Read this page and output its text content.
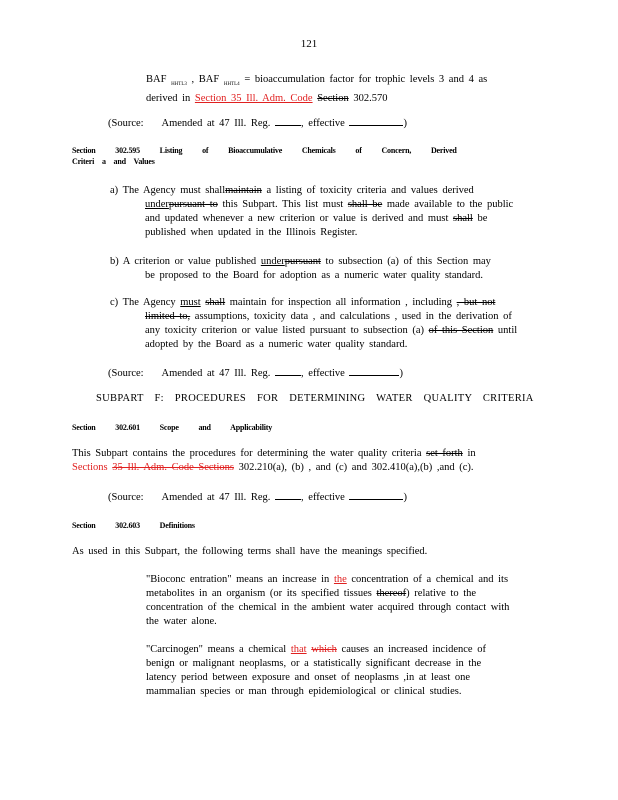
121
BAF $_{HHTL3}$ , BAF $_{HHTL4}$ = bioaccumulation factor for trophic levels 3 and 4 as
derived in Section 35 Ill. Adm. Code Section 302.570
(Source: Amended at 47 Ill. Reg.	, effective	)
Section 302.595 Listing of Bioaccumulative Chemicals of Concern, Derived
Criteri a and Values
a) The Agency must shallmaintain a listing of toxicity criteria and values derived
underpursuant to this Subpart. This list must shall be made available to the public
and updated whenever a new criterion or value is derived and must shall be
published when updated in the Illinois Register.
b) A criterion or value published underpursuant to subsection (a) of this Section may
be proposed to the Board for adoption as a numeric water quality standard.
c) The Agency must shall maintain for inspection all information , including , but not
limited to, assumptions, toxicity data , and calculations , used in the derivation of
any toxicity criterion or value listed pursuant to subsection (a) of this Section until
adopted by the Board as a numeric water quality standard.
(Source: Amended at 47 Ill. Reg.	, effective	)
SUBPART F: PROCEDURES FOR DETERMINING WATER QUALITY CRITERIA
Section 302.601 Scope and Applicability
This Subpart contains the procedures for determining the water quality criteria set forth in
Sections 35 Ill. Adm. Code Sections 302.210(a), (b) , and (c) and 302.410(a),(b) ,and (c).
(Source: Amended at 47 Ill. Reg.	, effective	)
Section 302.603 Definitions
As used in this Subpart, the following terms shall have the meanings specified.
"Bioconc entration" means an increase in the concentration of a chemical and its
metabolites in an organism (or its specified tissues thereof) relative to the
concentration of the chemical in the ambient water acquired through contact with
the water alone.
"Carcinogen" means a chemical that which causes an increased incidence of
benign or malignant neoplasms, or a statistically significant decrease in the
latency period between exposure and onset of neoplasms ,in at least one
mammalian species or man through epidemiological or clinical studies.
